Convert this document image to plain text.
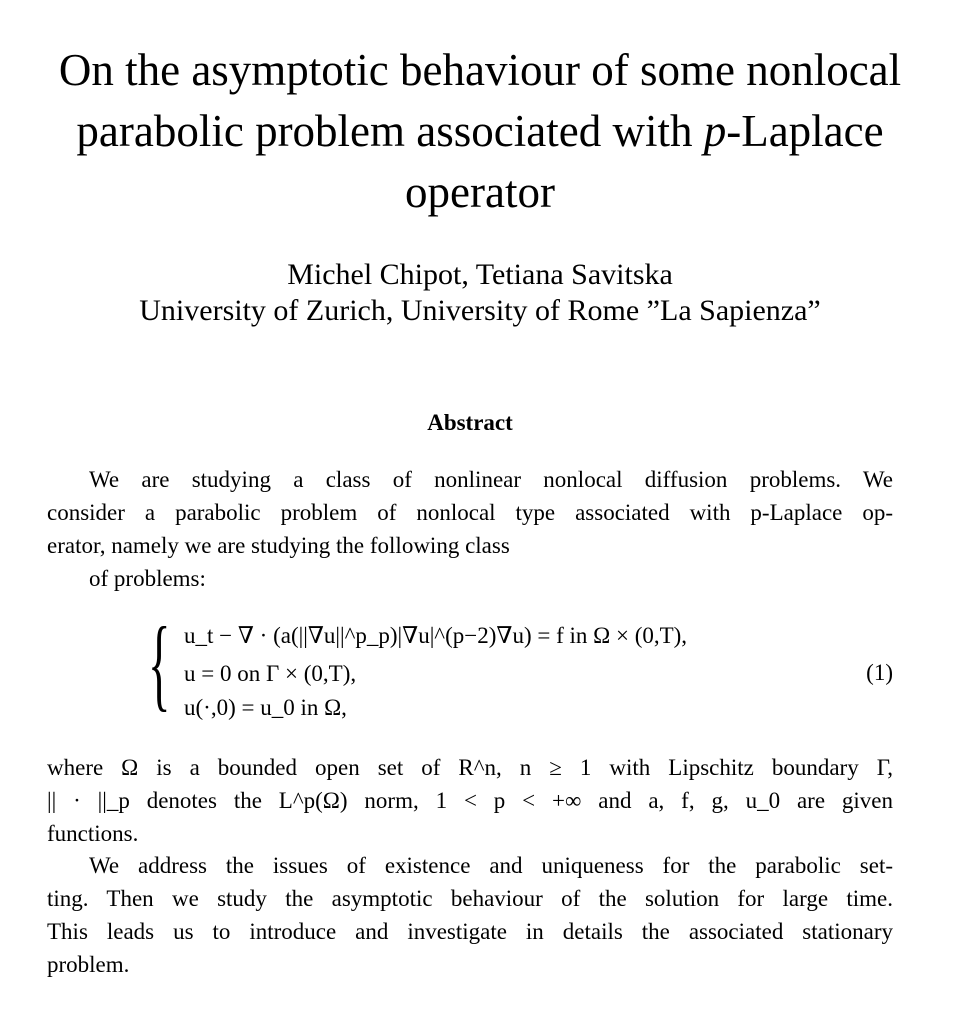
On the asymptotic behaviour of some nonlocal
parabolic problem associated with p-Laplace
operator
Michel Chipot, Tetiana Savitska
University of Zurich, University of Rome ”La Sapienza”
Abstract
We are studying a class of nonlinear nonlocal diffusion problems. We
consider a parabolic problem of nonlocal type associated with p-Laplace op-
erator, namely we are studying the following class
of problems:
{ u_t − ∇ · (a(||∇u||^p_p)|∇u|^(p−2)∇u) = f in Ω × (0,T),
u = 0 on Γ × (0,T),
u(·,0) = u_0 in Ω,
(1)
where Ω is a bounded open set of R^n, n ≥ 1 with Lipschitz boundary Γ,
|| · ||_p denotes the L^p(Ω) norm, 1 < p < +∞ and a, f, g, u_0 are given
functions.
We address the issues of existence and uniqueness for the parabolic set-
ting. Then we study the asymptotic behaviour of the solution for large time.
This leads us to introduce and investigate in details the associated stationary
problem.
